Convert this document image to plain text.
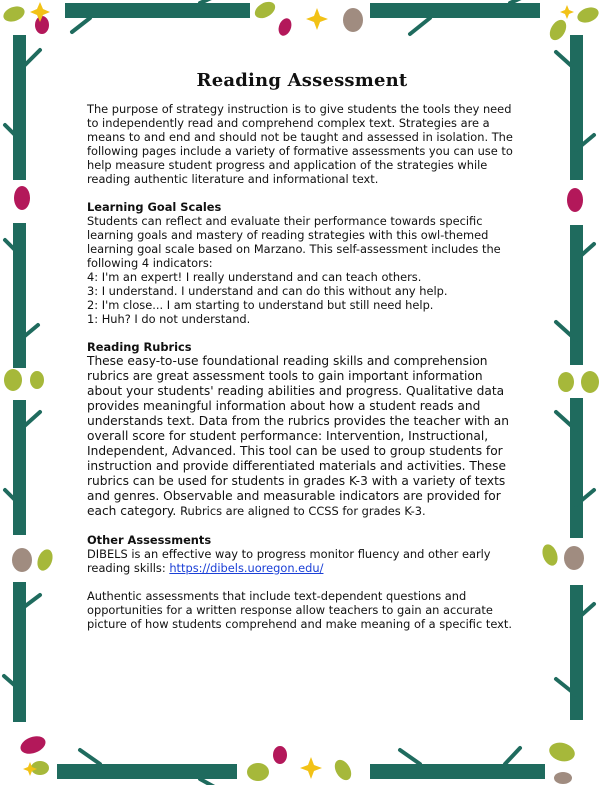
Reading Assessment

The purpose of strategy instruction is to give students the tools they need to independently read and comprehend complex text. Strategies are a means to and end and should not be taught and assessed in isolation. The following pages include a variety of formative assessments you can use to help measure student progress and application of the strategies while reading authentic literature and informational text.

Learning Goal Scales

Students can reflect and evaluate their performance towards specific learning goals and mastery of reading strategies with this owl-themed learning goal scale based on Marzano. This self-assessment includes the following 4 indicators:

4: I'm an expert! I really understand and can teach others.
3: I understand. I understand and can do this without any help.
2: I'm close... I am starting to understand but still need help.
1: Huh? I do not understand.

Reading Rubrics

These easy-to-use foundational reading skills and comprehension rubrics are great assessment tools to gain important information about your students' reading abilities and progress. Qualitative data provides meaningful information about how a student reads and understands text. Data from the rubrics provides the teacher with an overall score for student performance: Intervention, Instructional, Independent, Advanced. This tool can be used to group students for instruction and provide differentiated materials and activities. These rubrics can be used for students in grades K-3 with a variety of texts and genres. Observable and measurable indicators are provided for each category. Rubrics are aligned to CCSS for grades K-3.

Other Assessments

DIBELS is an effective way to progress monitor fluency and other early reading skills: https://dibels.uoregon.edu/

Authentic assessments that include text-dependent questions and opportunities for a written response allow teachers to gain an accurate picture of how students comprehend and make meaning of a specific text.
